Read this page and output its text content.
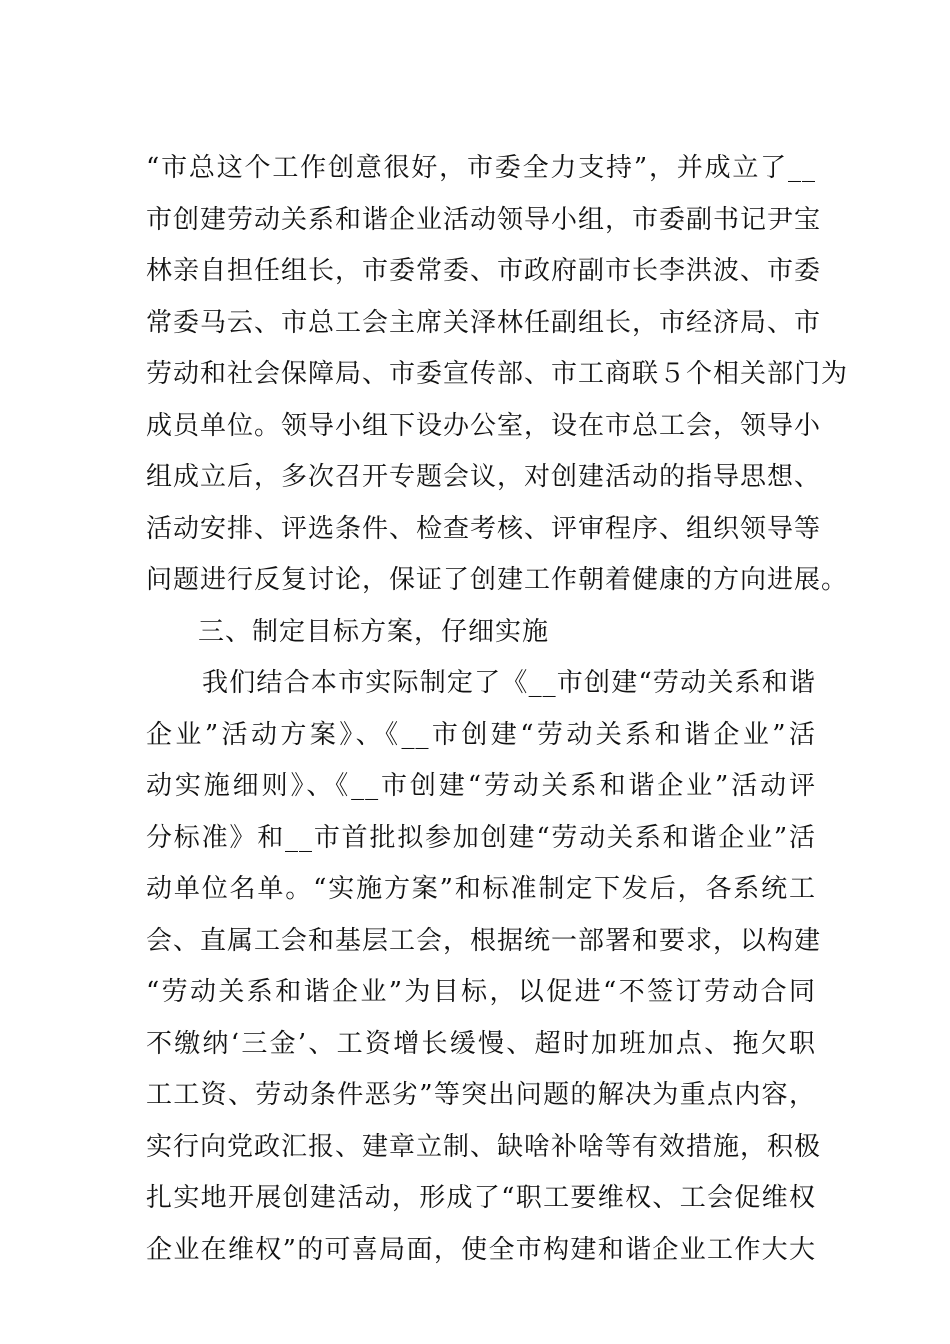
“市总这个工作创意很好，市委全力支持”，并成立了__
市创建劳动关系和谐企业活动领导小组，市委副书记尹宝
林亲自担任组长，市委常委、市政府副市长李洪波、市委
常委马云、市总工会主席关泽林任副组长，市经济局、市
劳动和社会保障局、市委宣传部、市工商联５个相关部门为
成员单位。领导小组下设办公室，设在市总工会，领导小
组成立后，多次召开专题会议，对创建活动的指导思想、
活动安排、评选条件、检查考核、评审程序、组织领导等
问题进行反复讨论，保证了创建工作朝着健康的方向进展。
三、制定目标方案，仔细实施
我们结合本市实际制定了《__市创建“劳动关系和谐
企业”活动方案》、《__市创建“劳动关系和谐企业”活
动实施细则》、《__市创建“劳动关系和谐企业”活动评
分标准》和__市首批拟参加创建“劳动关系和谐企业”活
动单位名单。“实施方案”和标准制定下发后，各系统工
会、直属工会和基层工会，根据统一部署和要求，以构建
“劳动关系和谐企业”为目标，以促进“不签订劳动合同
不缴纳‘三金’、工资增长缓慢、超时加班加点、拖欠职
工工资、劳动条件恶劣”等突出问题的解决为重点内容，
实行向党政汇报、建章立制、缺啥补啥等有效措施，积极
扎实地开展创建活动，形成了“职工要维权、工会促维权
企业在维权”的可喜局面，使全市构建和谐企业工作大大
